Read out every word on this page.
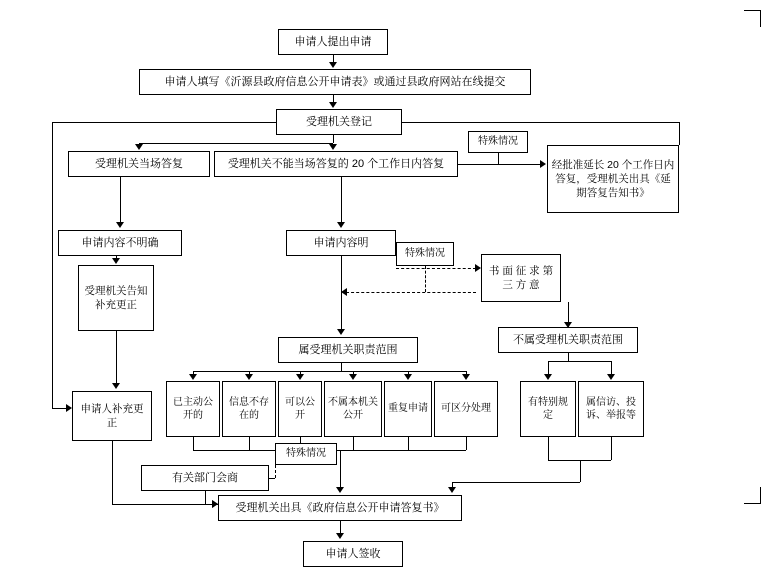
申请人提出申请
申请人填写《沂源县政府信息公开申请表》或通过县政府网站在线提交
受理机关登记
受理机关当场答复	受理机关不能当场答复的 20 个工作日内答复
特殊情况
经批准延长 20 个工作日内答复，受理机关出具《延期答复告知书》
申请内容不明确	申请内容明
特殊情况
书 面 征 求 第 三 方 意
受理机关告知补充更正
申请人补充更正
属受理机关职责范围
不属受理机关职责范围
已主动公开的
信息不存在的
可以公开
不属本机关公开
重复申请	可区分处理
有特别规定
属信访、投诉、举报等
特殊情况
有关部门会商
受理机关出具《政府信息公开申请答复书》
申请人签收
